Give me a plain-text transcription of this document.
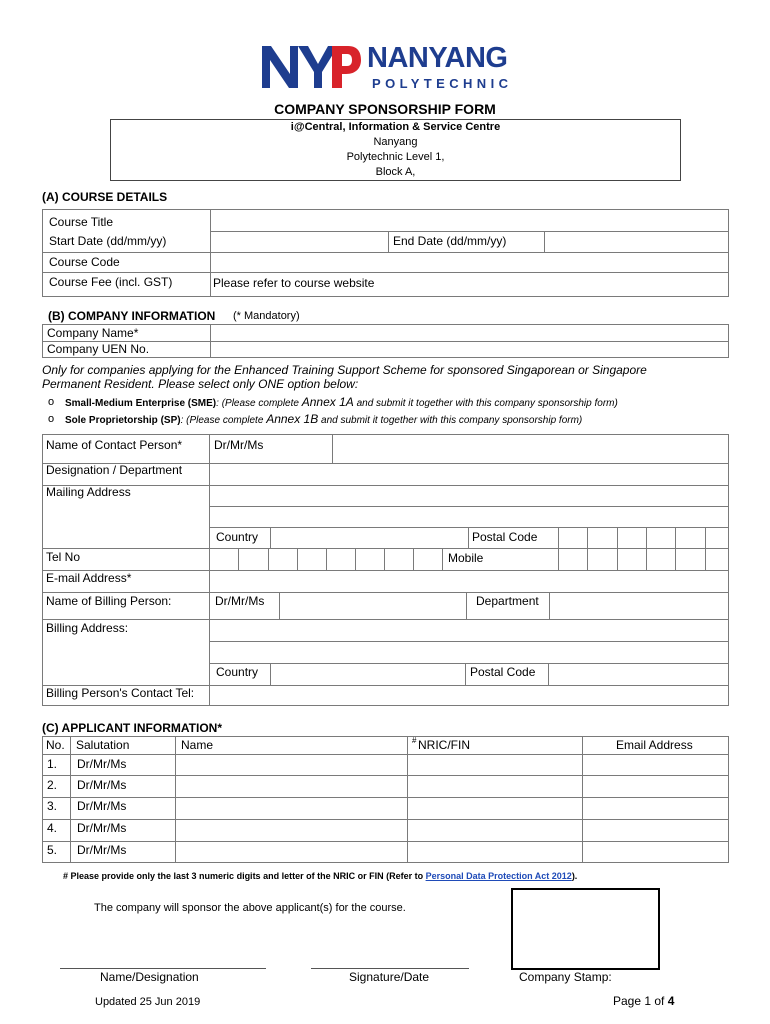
NANYANG
POLYTECHNIC
COMPANY SPONSORSHIP FORM
i@Central, Information & Service Centre
Nanyang
Polytechnic Level 1,
Block A,
(A) COURSE DETAILS
Course Title
Start Date (dd/mm/yy)	End Date (dd/mm/yy)
Course Code
Course Fee (incl. GST)	Please refer to course website
(B) COMPANY INFORMATION (* Mandatory)
Company Name*
Company UEN No.
Only for companies applying for the Enhanced Training Support Scheme for sponsored Singaporean or Singapore
Permanent Resident. Please select only ONE option below:
o Small-Medium Enterprise (SME): (Please complete Annex 1A and submit it together with this company sponsorship form)
o Sole Proprietorship (SP): (Please complete Annex 1B and submit it together with this company sponsorship form)
Name of Contact Person*	Dr/Mr/Ms
Designation / Department
Mailing Address
Country	Postal Code
Tel No	Mobile
E-mail Address*
Name of Billing Person:	Dr/Mr/Ms	Department
Billing Address:
Country	Postal Code
Billing Person's Contact Tel:
(C) APPLICANT INFORMATION*
No. Salutation	Name	# NRIC/FIN	Email Address
1. Dr/Mr/Ms
2. Dr/Mr/Ms
3. Dr/Mr/Ms
4. Dr/Mr/Ms
5. Dr/Mr/Ms
# Please provide only the last 3 numeric digits and letter of the NRIC or FIN (Refer to Personal Data Protection Act 2012).
The company will sponsor the above applicant(s) for the course.
Name/Designation	Signature/Date	Company Stamp:
Updated 25 Jun 2019	Page 1 of 4
